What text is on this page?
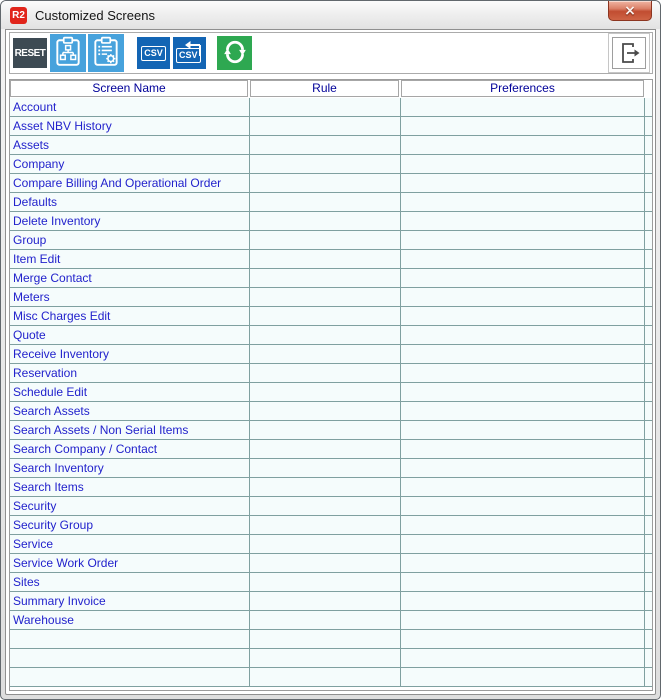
R2 Customized Screens	×
RESET	CSV	CSV
Screen Name	Rule	Preferences
Account
Asset NBV History
Assets
Company
Compare Billing And Operational Order
Defaults
Delete Inventory
Group
Item Edit
Merge Contact
Meters
Misc Charges Edit
Quote
Receive Inventory
Reservation
Schedule Edit
Search Assets
Search Assets / Non Serial Items
Search Company / Contact
Search Inventory
Search Items
Security
Security Group
Service
Service Work Order
Sites
Summary Invoice
Warehouse
